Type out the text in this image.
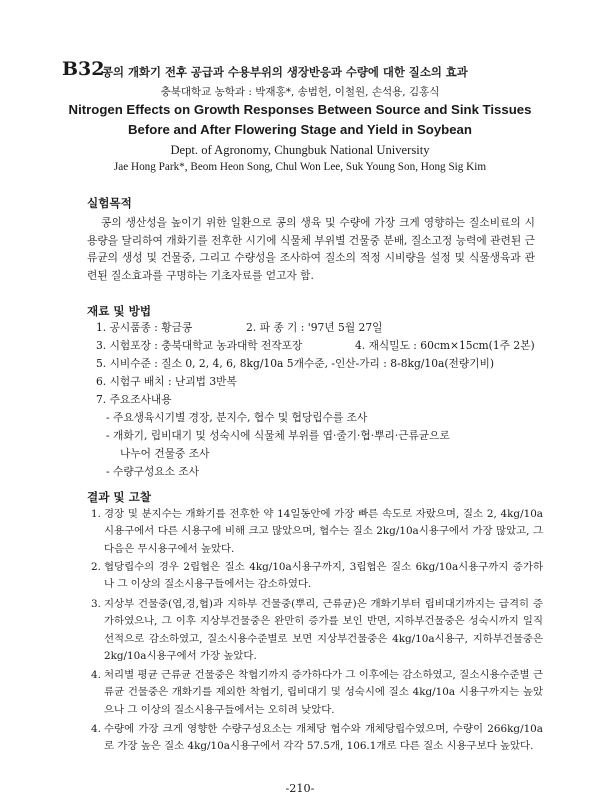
B32
콩의 개화기 전후 공급과 수용부위의 생장반응과 수량에 대한 질소의 효과
충북대학교 농학과 : 박재홍*, 송범헌, 이철원, 손석용, 김홍식
Nitrogen Effects on Growth Responses Between Source and Sink Tissues
Before and After Flowering Stage and Yield in Soybean
Dept. of Agronomy, Chungbuk National University
Jae Hong Park*, Beom Heon Song, Chul Won Lee, Suk Young Son, Hong Sig Kim
실험목적

콩의 생산성을 높이기 위한 일환으로 콩의 생육 및 수량에 가장 크게 영향하는 질소비료의 시용량을 달리하여 개화기를 전후한 시기에 식물체 부위별 건물중 분배, 질소고정 능력에 관련된 근류균의 생성 및 건물중, 그리고 수량성을 조사하여 질소의 적정 시비량을 설정 및 식물생육과 관련된 질소효과를 구명하는 기초자료를 얻고자 함.

재료 및 방법
1. 공시품종 : 황금콩	2. 파 종 기 : '97년 5월 27일
3. 시험포장 : 충북대학교 농과대학 전작포장	4. 재식밀도 : 60cm×15cm(1주 2본)
5. 시비수준 : 질소 0, 2, 4, 6, 8kg/10a 5개수준, -인산-가리 : 8-8kg/10a(전량기비)
6. 시험구 배치 : 난괴법 3반복
7. 주요조사내용
- 주요생육시기별 경장, 분지수, 협수 및 협당립수를 조사
- 개화기, 립비대기 및 성숙시에 식물체 부위를 엽·줄기·협·뿌리·근류균으로
나누어 건물중 조사
- 수량구성요소 조사
결과 및 고찰
1. 경장 및 분지수는 개화기를 전후한 약 14일동안에 가장 빠른 속도로 자랐으며, 질소 2, 4kg/10a시용구에서 다른 시용구에 비해 크고 많았으며, 협수는 질소 2kg/10a시용구에서 가장 많았고, 그 다음은 무시용구에서 높았다.
2. 협당립수의 경우 2립협은 질소 4kg/10a시용구까지, 3립협은 질소 6kg/10a시용구까지 증가하나 그 이상의 질소시용구들에서는 감소하였다.
3. 지상부 건물중(엽,경,협)과 지하부 건물중(뿌리, 근류균)은 개화기부터 립비대기까지는 급격히 증가하였으나, 그 이후 지상부건물중은 완만히 증가를 보인 반면, 지하부건물중은 성숙시까지 일직선적으로 감소하였고, 질소시용수준별로 보면 지상부건물중은 4kg/10a시용구, 지하부건물중은 2kg/10a시용구에서 가장 높았다.
4. 처리별 평균 근류균 건물중은 착협기까지 증가하다가 그 이후에는 감소하였고, 질소시용수준별 근류균 건물중은 개화기를 제외한 착협기, 립비대기 및 성숙시에 질소 4kg/10a 시용구까지는 높았으나 그 이상의 질소시용구들에서는 오히려 낮았다.
4. 수량에 가장 크게 영향한 수량구성요소는 개체당 협수와 개체당립수였으며, 수량이 266kg/10a로 가장 높은 질소 4kg/10a시용구에서 각각 57.5개, 106.1개로 다른 질소 시용구보다 높았다.
-210-
